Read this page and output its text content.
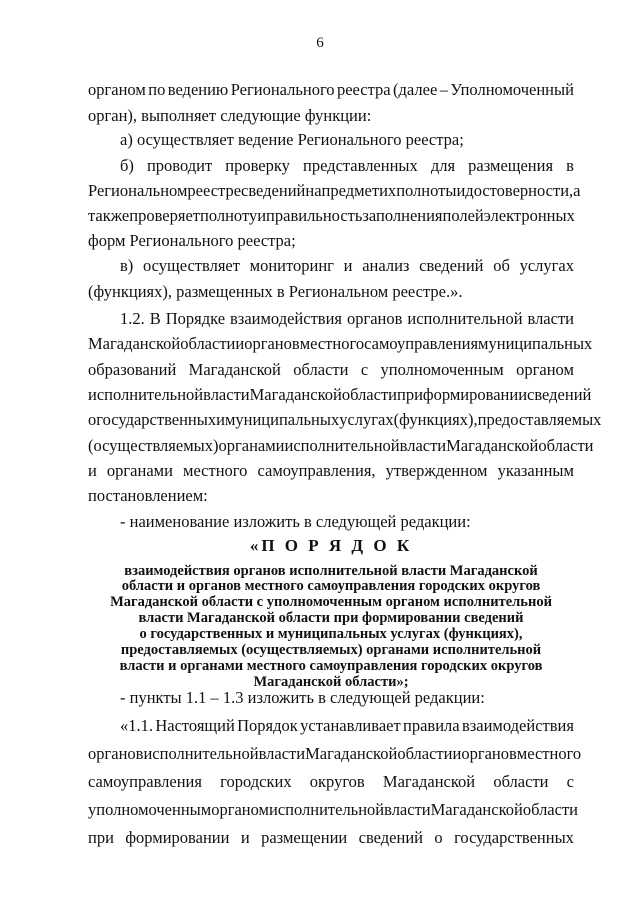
6
органом по ведению Регионального реестра (далее – Уполномоченный
орган), выполняет следующие функции:
а) осуществляет ведение Регионального реестра;
б) проводит проверку представленных для размещения в
Региональном реестре сведений на предмет их полноты и достоверности, а
также проверяет полноту и правильность заполнения полей электронных
форм Регионального реестра;
в) осуществляет мониторинг и анализ сведений об услугах
(функциях), размещенных в Региональном реестре.».
1.2. В Порядке взаимодействия органов исполнительной власти
Магаданской области и органов местного самоуправления муниципальных
образований Магаданской области с уполномоченным органом
исполнительной власти Магаданской области при формировании сведений
о государственных и муниципальных услугах (функциях), предоставляемых
(осуществляемых) органами исполнительной власти Магаданской области
и органами местного самоуправления, утвержденном указанным
постановлением:
- наименование изложить в следующей редакции:
«П О Р Я Д О К
взаимодействия органов исполнительной власти Магаданской
области и органов местного самоуправления городских округов
Магаданской области с уполномоченным органом исполнительной
власти Магаданской области при формировании сведений
о государственных и муниципальных услугах (функциях),
предоставляемых (осуществляемых) органами исполнительной
власти и органами местного самоуправления городских округов
Магаданской области»;
- пункты 1.1 – 1.3 изложить в следующей редакции:
«1.1. Настоящий Порядок устанавливает правила взаимодействия
органов исполнительной власти Магаданской области и органов местного
самоуправления городских округов Магаданской области с
уполномоченным органом исполнительной власти Магаданской области
при формировании и размещении сведений о государственных
